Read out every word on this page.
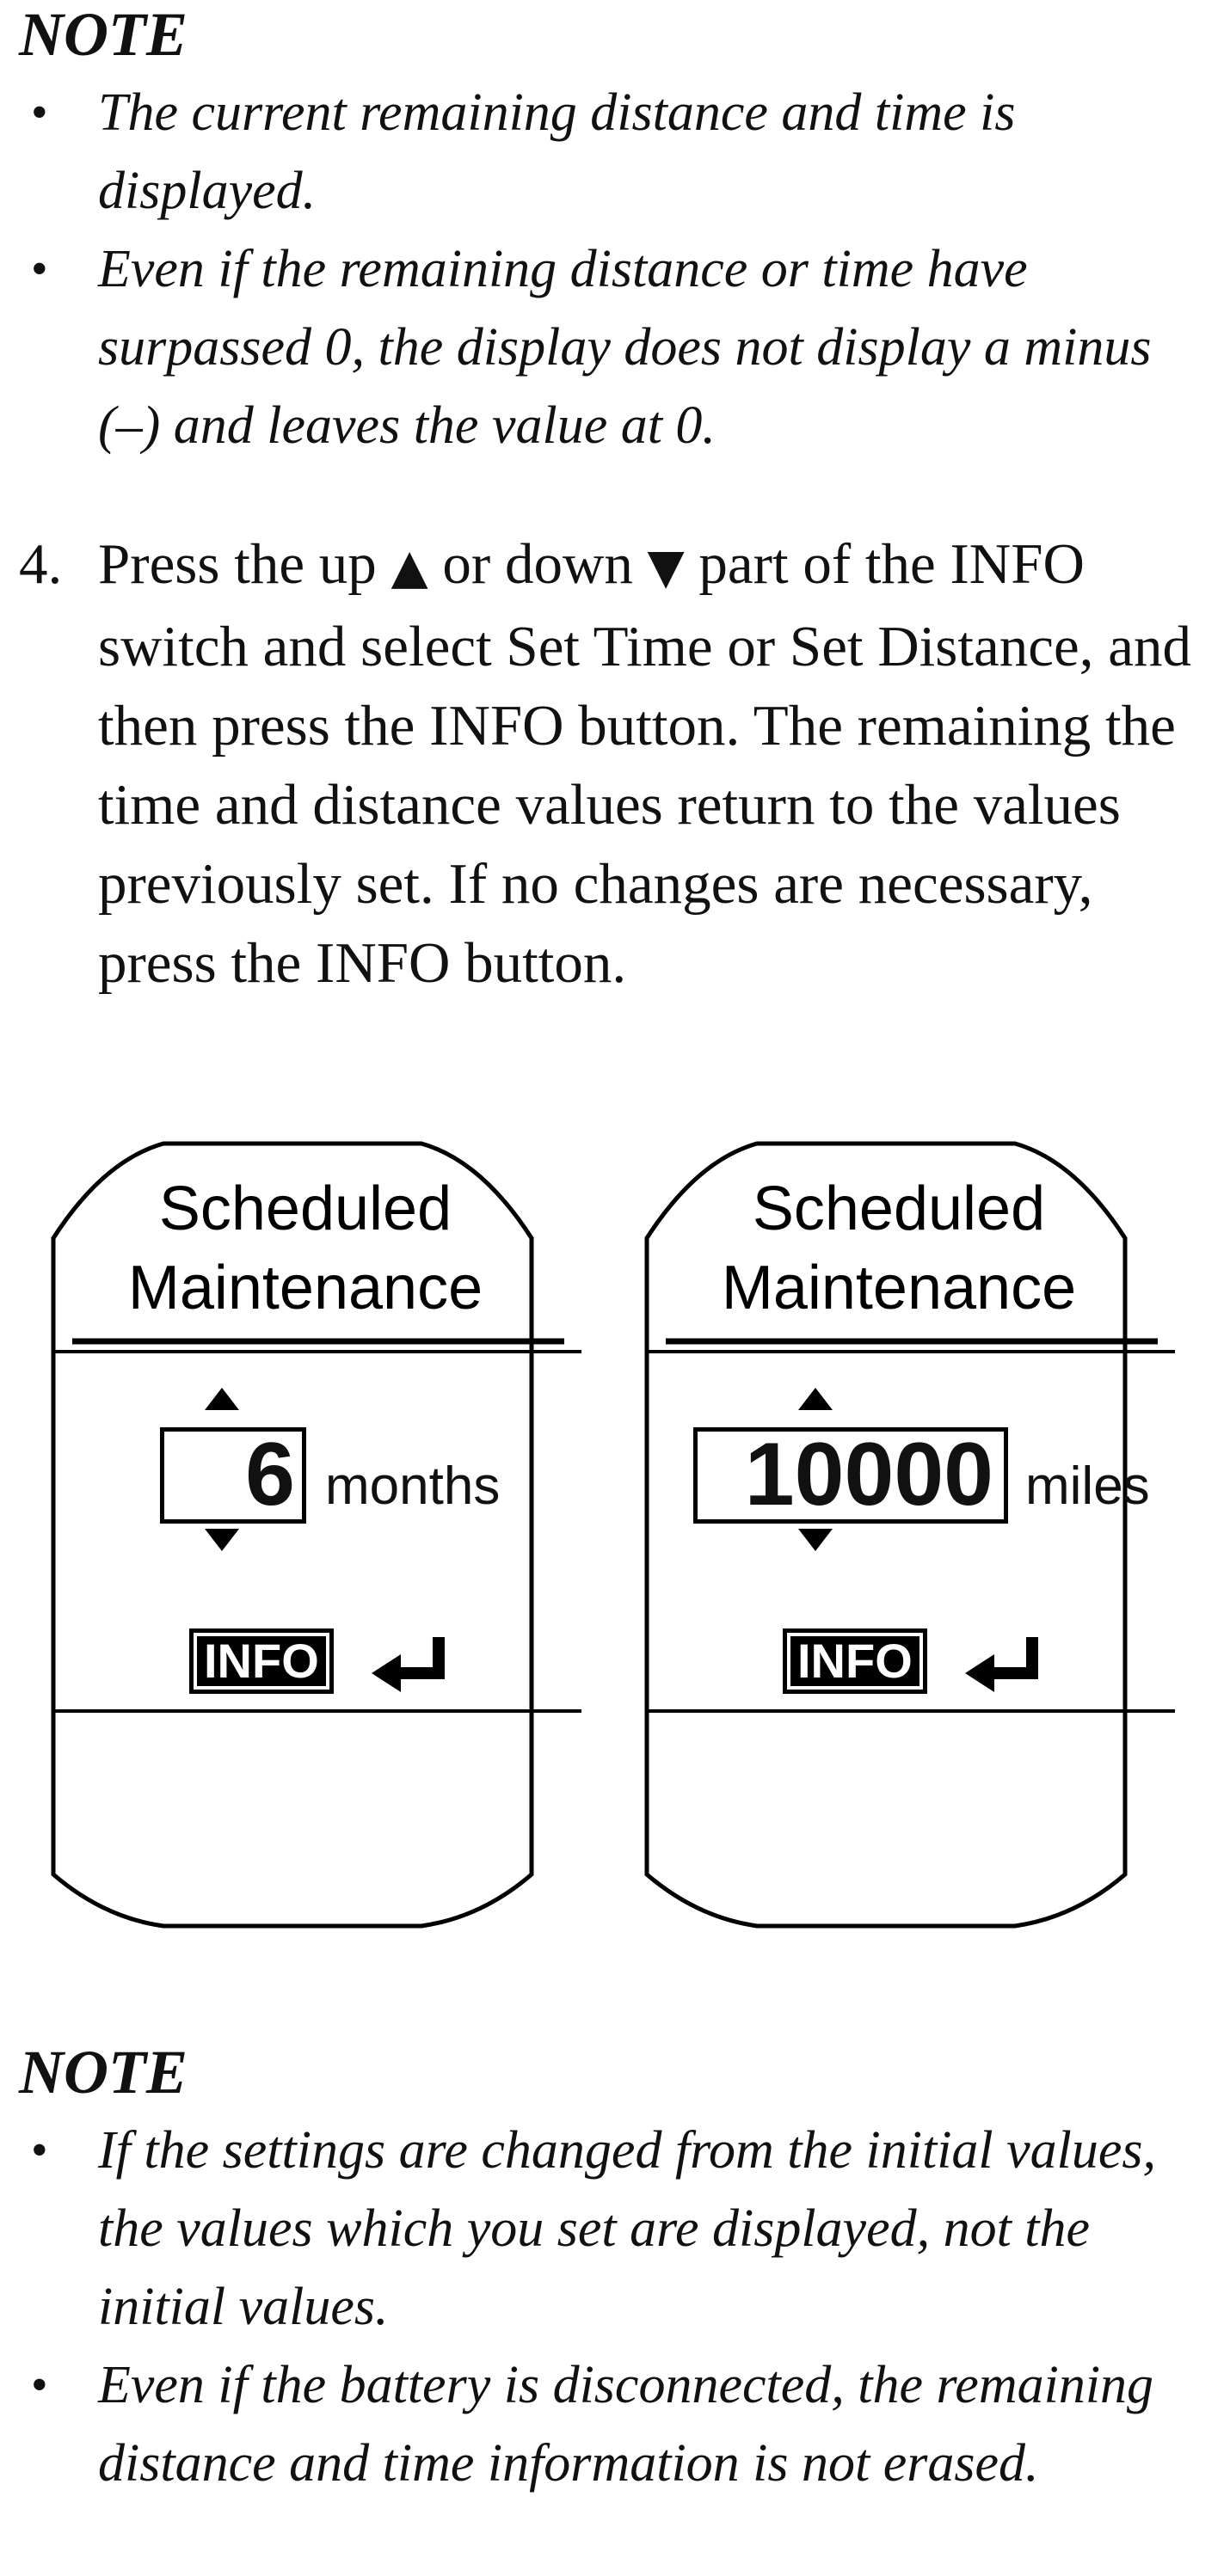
NOTE
• The current remaining distance and time is displayed.
• Even if the remaining distance or time have surpassed 0, the display does not display a minus (–) and leaves the value at 0.
4. Press the up ▲ or down ▼ part of the INFO switch and select Set Time or Set Distance, and then press the INFO button. The remaining the time and distance values return to the values previously set. If no changes are necessary, press the INFO button.
Scheduled
Maintenance
6 months
INFO
Scheduled
Maintenance
10000 miles
INFO
NOTE
• If the settings are changed from the initial values, the values which you set are displayed, not the initial values.
• Even if the battery is disconnected, the remaining distance and time information is not erased.
